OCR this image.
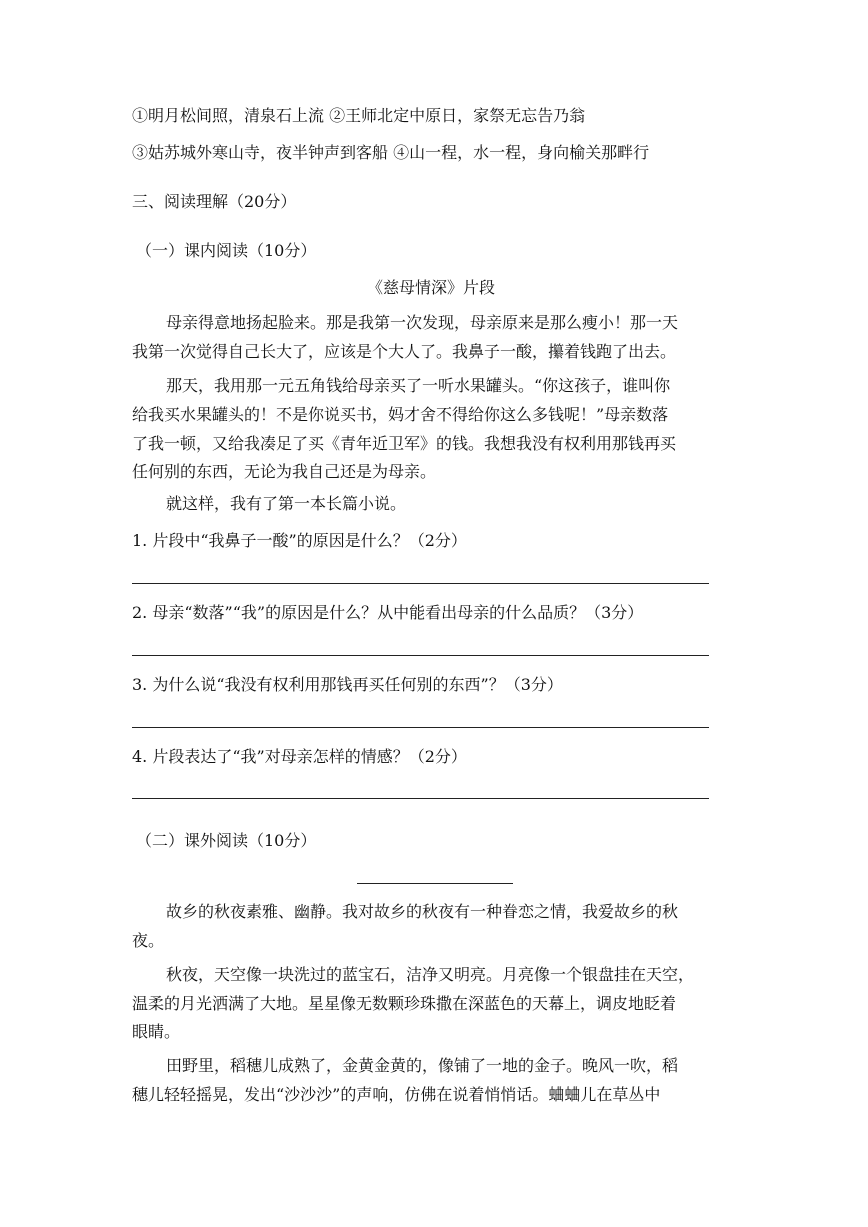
①明月松间照，清泉石上流 ②王师北定中原日，家祭无忘告乃翁
③姑苏城外寒山寺，夜半钟声到客船 ④山一程，水一程，身向榆关那畔行
三、阅读理解（20分）
（一）课内阅读（10分）
《慈母情深》片段
母亲得意地扬起脸来。那是我第一次发现，母亲原来是那么瘦小！那一天
我第一次觉得自己长大了，应该是个大人了。我鼻子一酸，攥着钱跑了出去。
那天，我用那一元五角钱给母亲买了一听水果罐头。“你这孩子，谁叫你
给我买水果罐头的！不是你说买书，妈才舍不得给你这么多钱呢！”母亲数落
了我一顿，又给我凑足了买《青年近卫军》的钱。我想我没有权利用那钱再买
任何别的东西，无论为我自己还是为母亲。
就这样，我有了第一本长篇小说。
1. 片段中“我鼻子一酸”的原因是什么？（2分）
2. 母亲“数落”“我”的原因是什么？从中能看出母亲的什么品质？（3分）
3. 为什么说“我没有权利用那钱再买任何别的东西”？（3分）
4. 片段表达了“我”对母亲怎样的情感？（2分）
（二）课外阅读（10分）
故乡的秋夜素雅、幽静。我对故乡的秋夜有一种眷恋之情，我爱故乡的秋
夜。
秋夜，天空像一块洗过的蓝宝石，洁净又明亮。月亮像一个银盘挂在天空，
温柔的月光洒满了大地。星星像无数颗珍珠撒在深蓝色的天幕上，调皮地眨着
眼睛。
田野里，稻穗儿成熟了，金黄金黄的，像铺了一地的金子。晚风一吹，稻
穗儿轻轻摇晃，发出“沙沙沙”的声响，仿佛在说着悄悄话。蛐蛐儿在草丛中
